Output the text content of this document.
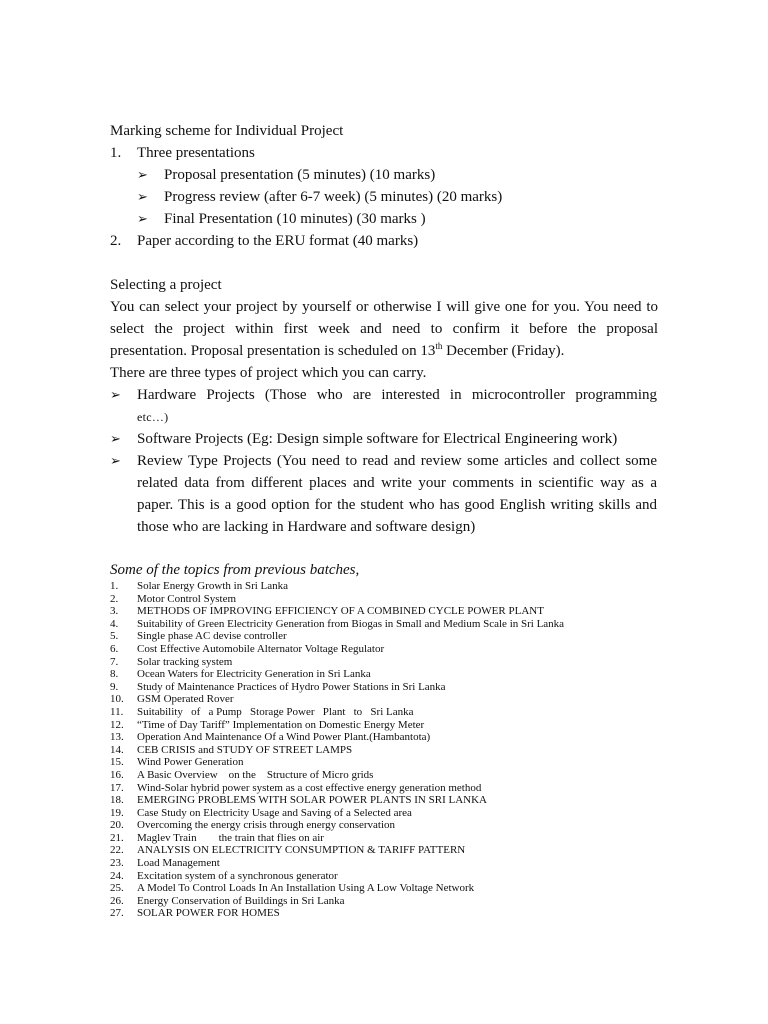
Marking scheme for Individual Project
1. Three presentations
➢ Proposal presentation (5 minutes) (10 marks)
➢ Progress review (after 6-7 week) (5 minutes) (20 marks)
➢ Final Presentation (10 minutes) (30 marks )
2. Paper according to the ERU format (40 marks)
Selecting a project
You can select your project by yourself or otherwise I will give one for you. You need to
select the project within first week and need to confirm it before the proposal
presentation. Proposal presentation is scheduled on 13th December (Friday).
There are three types of project which you can carry.
➢ Hardware Projects (Those who are interested in microcontroller programming
etc…)
➢ Software Projects (Eg: Design simple software for Electrical Engineering work)
➢ Review Type Projects (You need to read and review some articles and collect some
related data from different places and write your comments in scientific way as a
paper. This is a good option for the student who has good English writing skills and
those who are lacking in Hardware and software design)
Some of the topics from previous batches,
1. Solar Energy Growth in Sri Lanka
2. Motor Control System
3. METHODS OF IMPROVING EFFICIENCY OF A COMBINED CYCLE POWER PLANT
4. Suitability of Green Electricity Generation from Biogas in Small and Medium Scale in Sri Lanka
5. Single phase AC devise controller
6. Cost Effective Automobile Alternator Voltage Regulator
7. Solar tracking system
8. Ocean Waters for Electricity Generation in Sri Lanka
9. Study of Maintenance Practices of Hydro Power Stations in Sri Lanka
10. GSM Operated Rover
11. Suitability   of   a Pump   Storage Power   Plant   to   Sri Lanka
12. “Time of Day Tariff” Implementation on Domestic Energy Meter
13. Operation And Maintenance Of a Wind Power Plant.(Hambantota)
14. CEB CRISIS and STUDY OF STREET LAMPS
15. Wind Power Generation
16. A Basic Overview    on the    Structure of Micro grids
17. Wind-Solar hybrid power system as a cost effective energy generation method
18. EMERGING PROBLEMS WITH SOLAR POWER PLANTS IN SRI LANKA
19. Case Study on Electricity Usage and Saving of a Selected area
20. Overcoming the energy crisis through energy conservation
21. Maglev Train        the train that flies on air
22. ANALYSIS ON ELECTRICITY CONSUMPTION & TARIFF PATTERN
23. Load Management
24. Excitation system of a synchronous generator
25. A Model To Control Loads In An Installation Using A Low Voltage Network
26. Energy Conservation of Buildings in Sri Lanka
27. SOLAR POWER FOR HOMES
